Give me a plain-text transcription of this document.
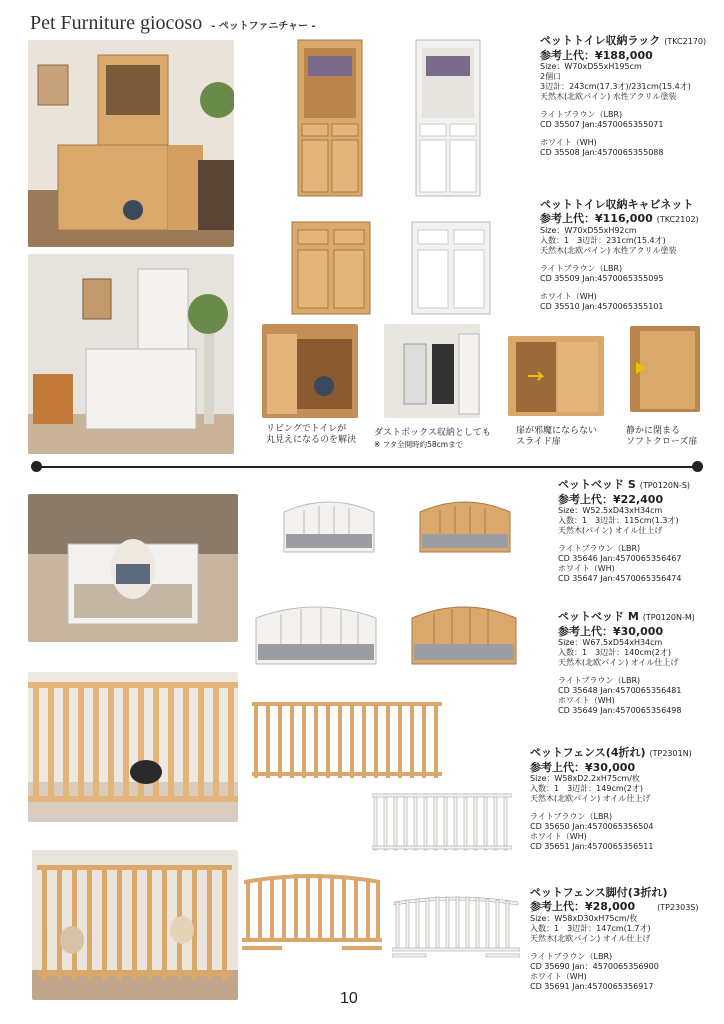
Pet Furniture giocoso - ペットファニチャー -
リビングでトイレが
丸見えになるのを解決
ダストボックス収納としても
※ フタ全開時約58cmまで
扉が邪魔にならない
スライド扉
静かに閉まる
ソフトクローズ扉
ペットトイレ収納ラック (TKC2170)
参考上代：¥188,000
Size：W70xD55xH195cm
2個口
3辺計：243cm(17.3才)/231cm(15.4才)
天然木(北欧パイン) 水性アクリル塗装
ライトブラウン（LBR)
CD 35507 Jan:4570065355071
ホワイト（WH)
CD 35508 Jan:4570065355088
ペットトイレ収納キャビネット
参考上代：¥116,000 (TKC2102)
Size：W70xD55xH92cm
入数：1　3辺計：231cm(15.4才)
天然木(北欧パイン) 水性アクリル塗装
ライトブラウン（LBR)
CD 35509 Jan:4570065355095
ホワイト（WH)
CD 35510 Jan:4570065355101
ペットベッド S (TP0120N-S)
参考上代：¥22,400
Size：W52.5xD43xH34cm
入数：1　3辺計：115cm(1.3才)
天然木(パイン) オイル仕上げ
ライトブラウン（LBR)
CD 35646 Jan:4570065356467
ホワイト（WH)
CD 35647 Jan:4570065356474
ペットベッド M (TP0120N-M)
参考上代：¥30,000
Size：W67.5xD54xH34cm
入数：1　3辺計：140cm(2才)
天然木(北欧パイン) オイル仕上げ
ライトブラウン（LBR)
CD 35648 Jan:4570065356481
ホワイト（WH)
CD 35649 Jan:4570065356498
ペットフェンス(4折れ) (TP2301N)
参考上代：¥30,000
Size：W58xD2.2xH75cm/枚
入数：1　3辺計：149cm(2才)
天然木(北欧パイン) オイル仕上げ
ライトブラウン（LBR)
CD 35650 Jan:4570065356504
ホワイト（WH)
CD 35651 Jan:4570065356511
ペットフェンス脚付(3折れ)
参考上代：¥28,000	(TP2303S)
Size：W58xD30xH75cm/枚
入数：1　3辺計：147cm(1.7才)
天然木(北欧パイン) オイル仕上げ
ライトブラウン（LBR)
CD 35690 Jan：4570065356900
ホワイト（WH)
CD 35691 Jan:4570065356917
10
